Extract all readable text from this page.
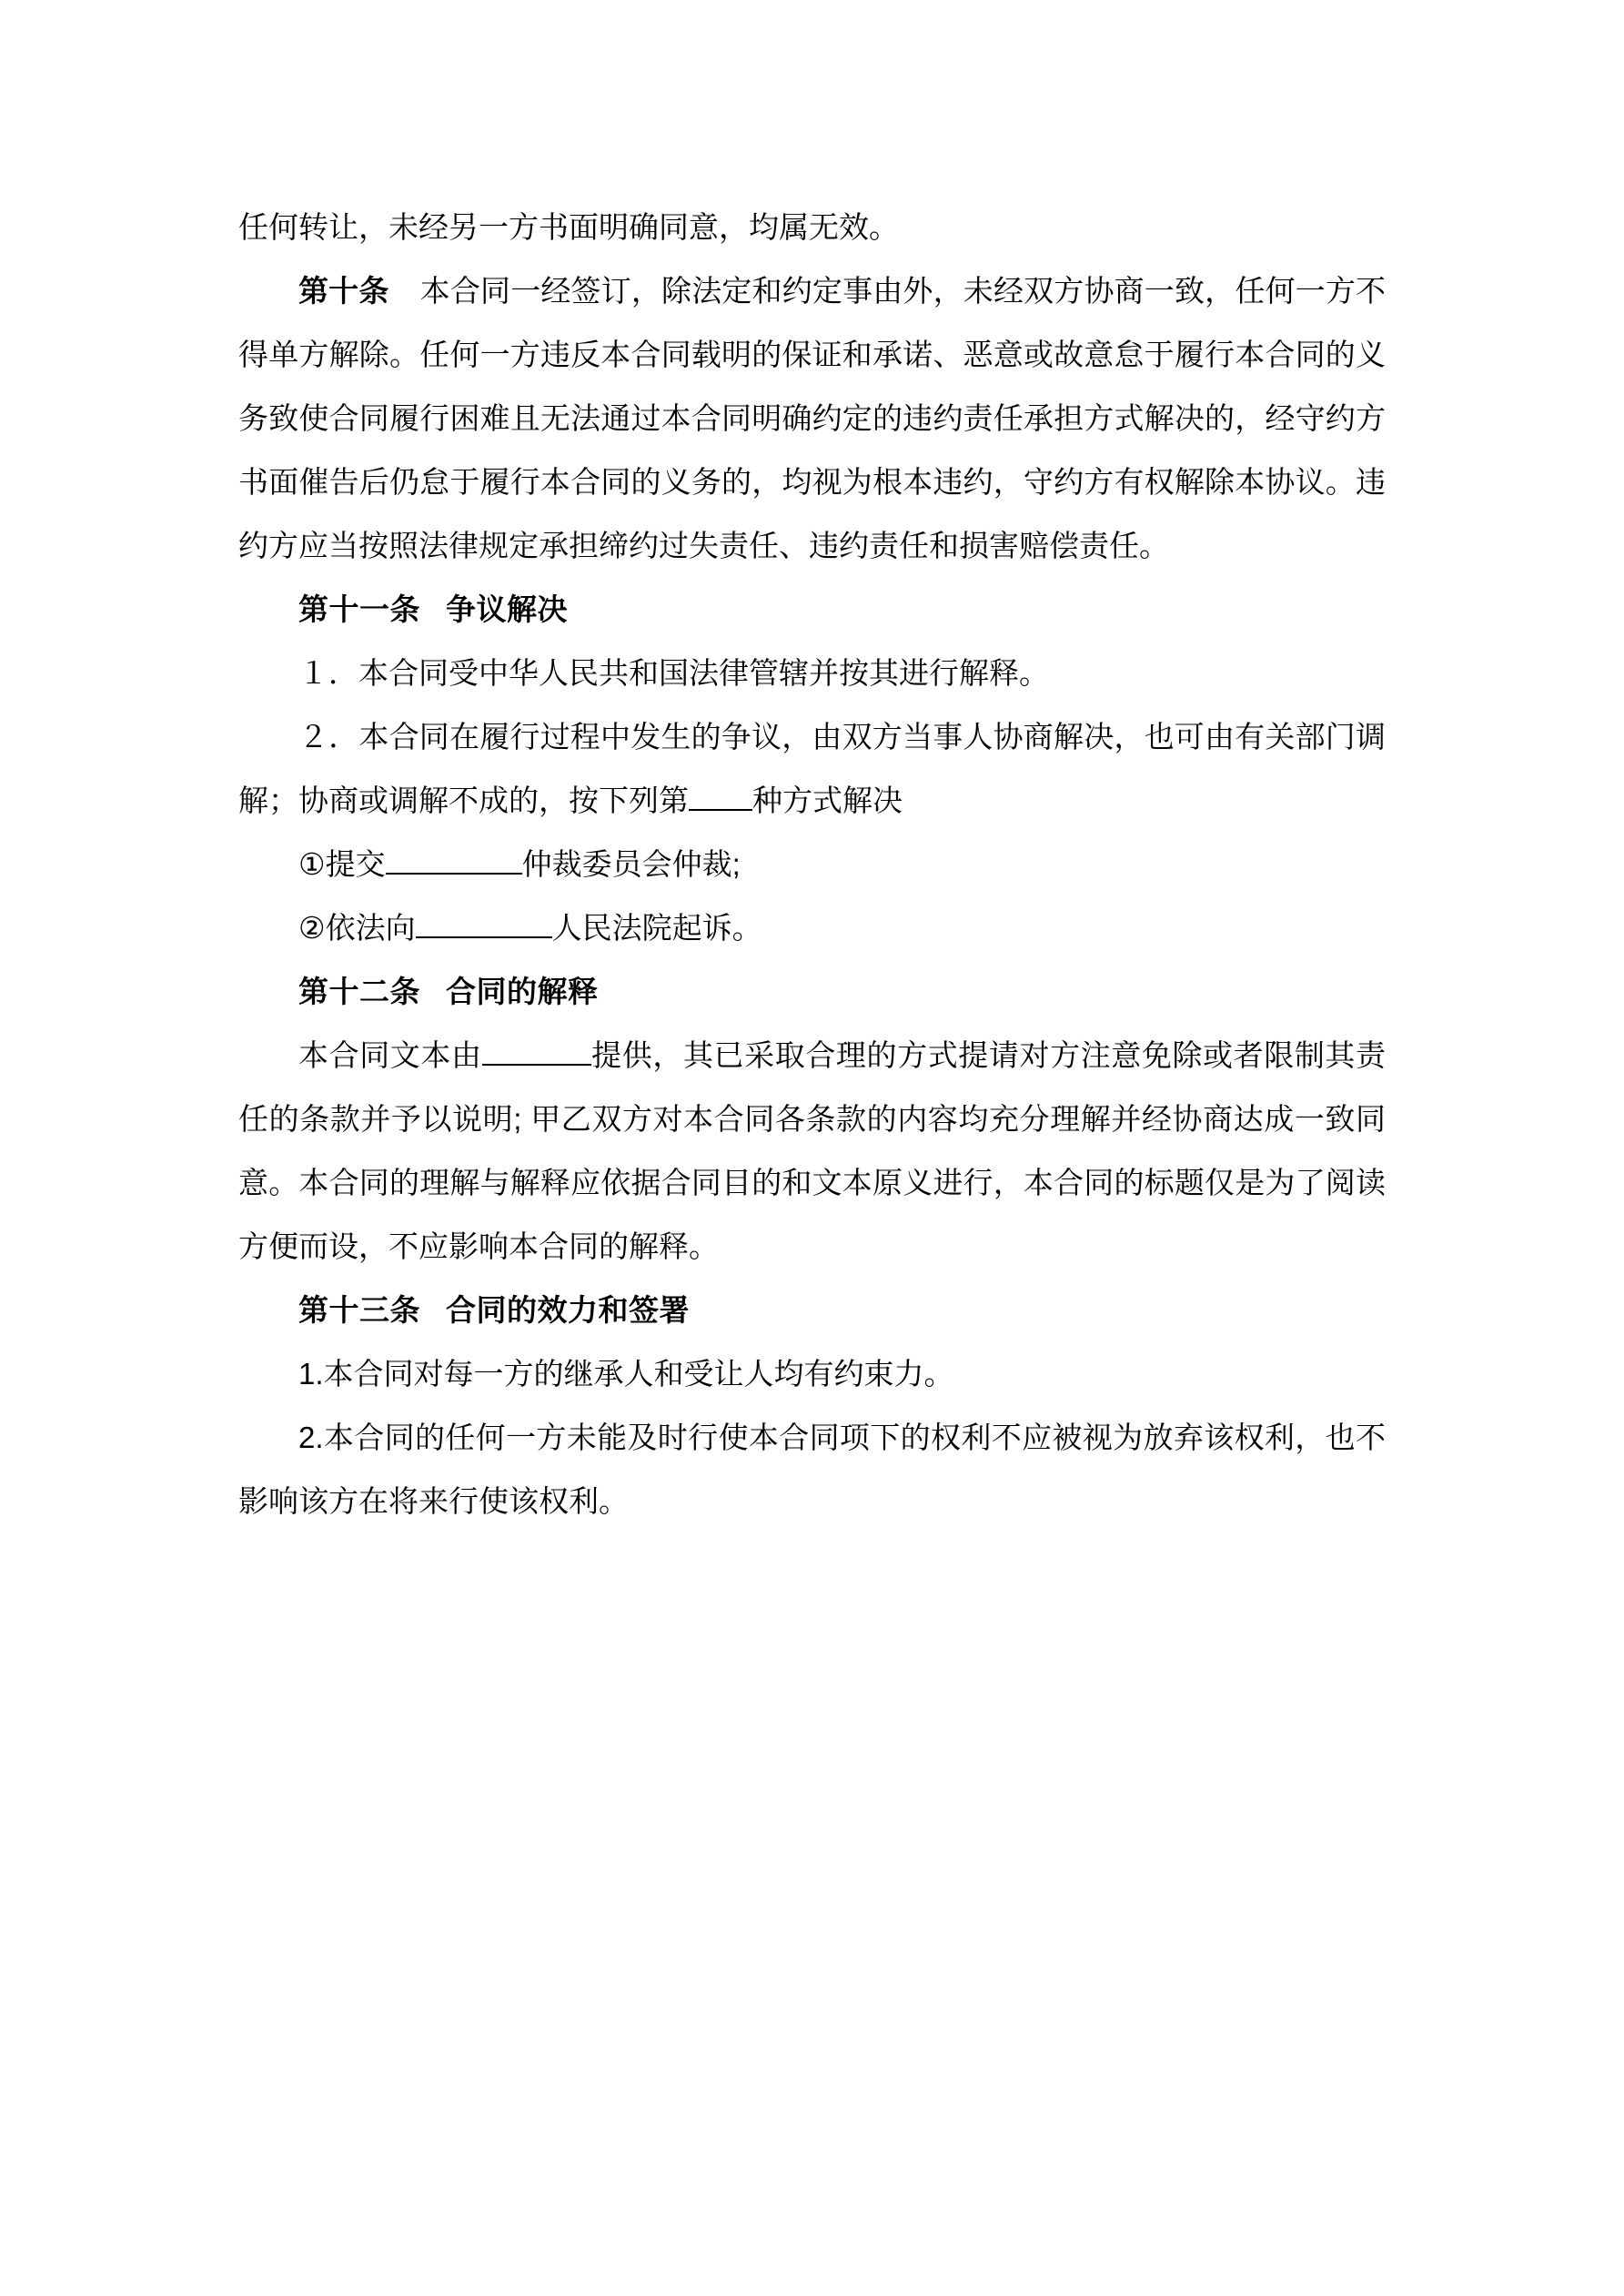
任何转让，未经另一方书面明确同意，均属无效。

第十条 本合同一经签订，除法定和约定事由外，未经双方协商一致，任何一方不得单方解除。任何一方违反本合同载明的保证和承诺、恶意或故意怠于履行本合同的义务致使合同履行困难且无法通过本合同明确约定的违约责任承担方式解决的，经守约方书面催告后仍怠于履行本合同的义务的，均视为根本违约，守约方有权解除本协议。违约方应当按照法律规定承担缔约过失责任、违约责任和损害赔偿责任。

第十一条 争议解决

１．本合同受中华人民共和国法律管辖并按其进行解释。

２．本合同在履行过程中发生的争议，由双方当事人协商解决，也可由有关部门调解；协商或调解不成的，按下列第 种方式解决

①提交	仲裁委员会仲裁;

②依法向	人民法院起诉。

第十二条 合同的解释

本合同文本由	提供，其已采取合理的方式提请对方注意免除或者限制其责任的条款并予以说明; 甲乙双方对本合同各条款的内容均充分理解并经协商达成一致同意。本合同的理解与解释应依据合同目的和文本原义进行，本合同的标题仅是为了阅读方便而设，不应影响本合同的解释。

第十三条 合同的效力和签署

1.本合同对每一方的继承人和受让人均有约束力。

2.本合同的任何一方未能及时行使本合同项下的权利不应被视为放弃该权利，也不影响该方在将来行使该权利。
